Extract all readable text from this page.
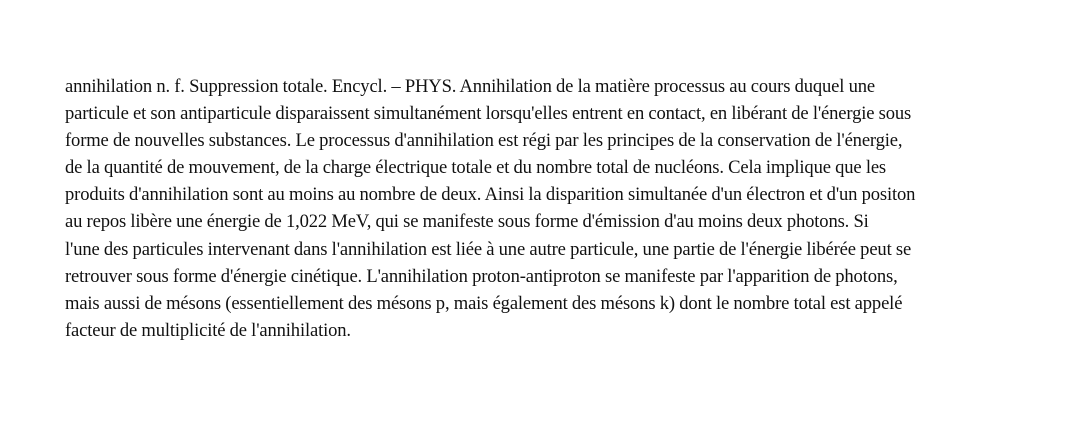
annihilation n. f. Suppression totale. Encycl. – PHYS. Annihilation de la matière processus au cours duquel une
particule et son antiparticule disparaissent simultanément lorsqu'elles entrent en contact, en libérant de l'énergie sous
forme de nouvelles substances. Le processus d'annihilation est régi par les principes de la conservation de l'énergie,
de la quantité de mouvement, de la charge électrique totale et du nombre total de nucléons. Cela implique que les
produits d'annihilation sont au moins au nombre de deux. Ainsi la disparition simultanée d'un électron et d'un positon
au repos libère une énergie de 1,022 MeV, qui se manifeste sous forme d'émission d'au moins deux photons. Si
l'une des particules intervenant dans l'annihilation est liée à une autre particule, une partie de l'énergie libérée peut se
retrouver sous forme d'énergie cinétique. L'annihilation proton-antiproton se manifeste par l'apparition de photons,
mais aussi de mésons (essentiellement des mésons p, mais également des mésons k) dont le nombre total est appelé
facteur de multiplicité de l'annihilation.
